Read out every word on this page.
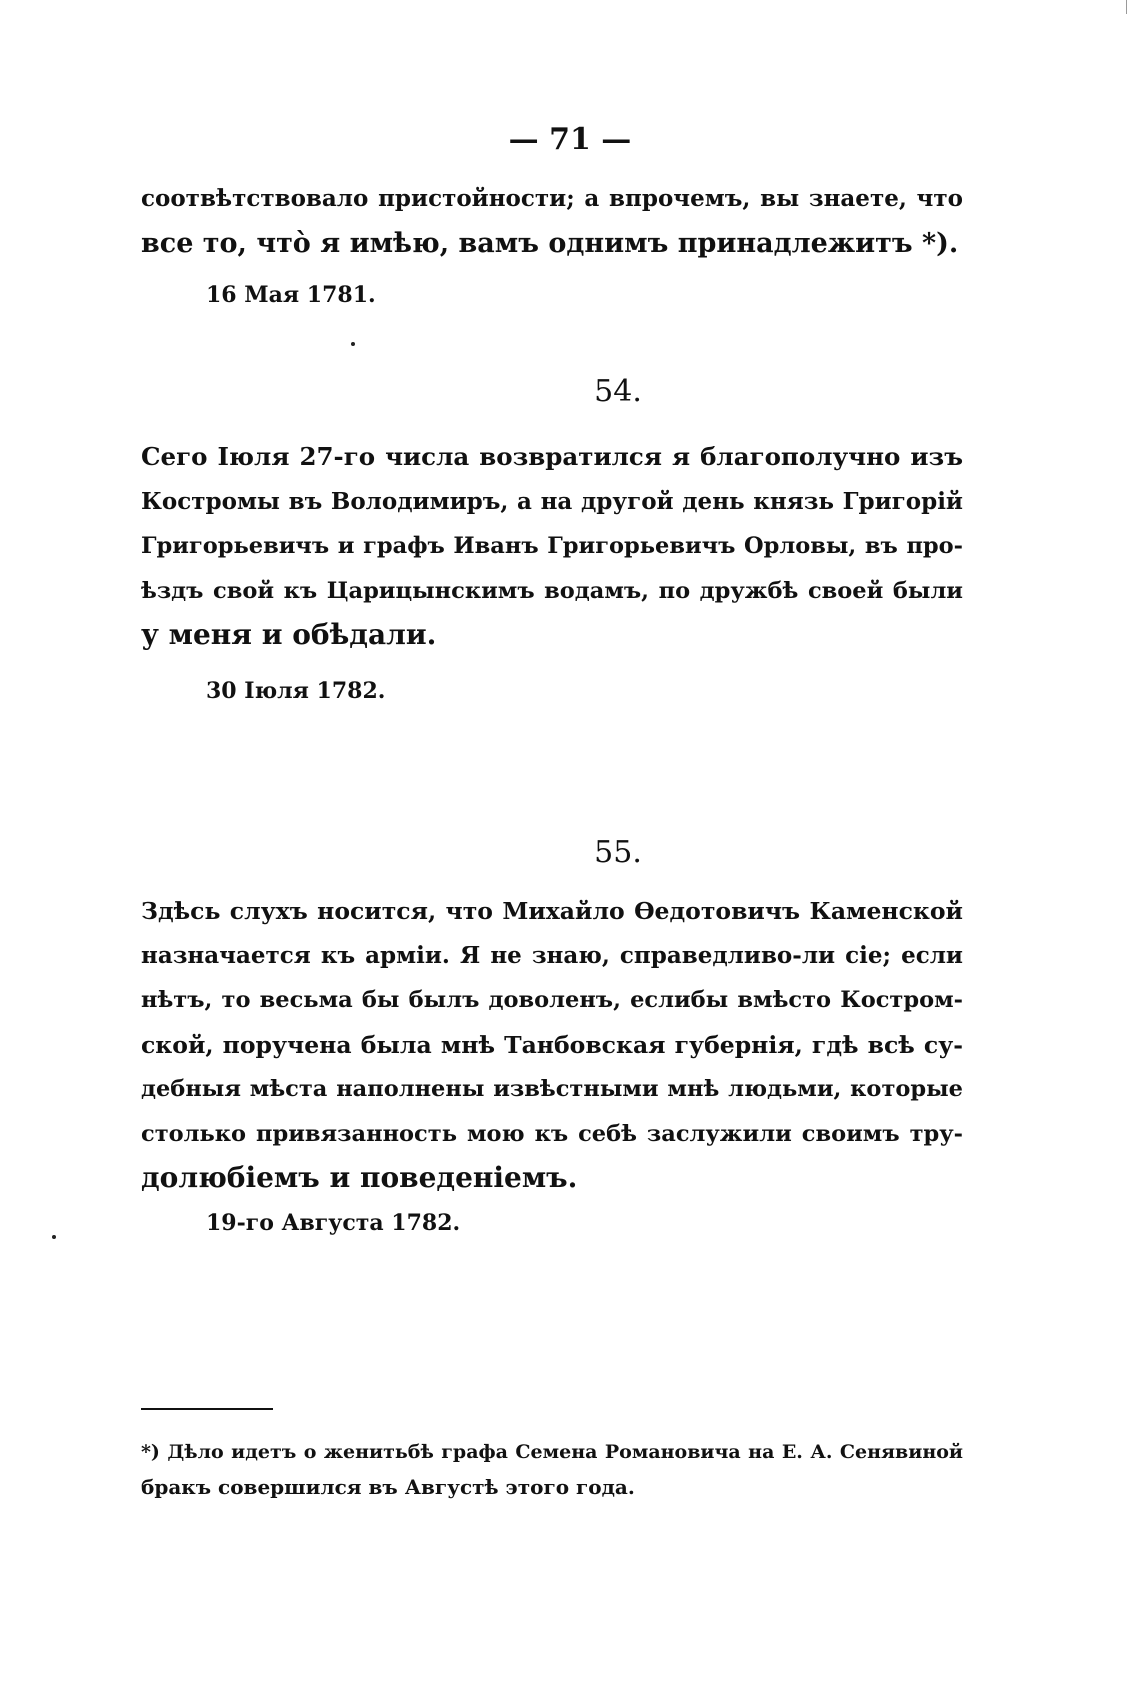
— 71 —
соотвѣтствовало пристойности; а впрочемъ, вы знаете, что
все то, что̀ я имѣю, вамъ однимъ принадлежитъ *).
16 Мая 1781.
54.
Сего Іюля 27-го числа возвратился я благополучно изъ
Костромы въ Володимиръ, а на другой день князь Григорій
Григорьевичъ и графъ Иванъ Григорьевичъ Орловы, въ про-
ѣздъ свой къ Царицынскимъ водамъ, по дружбѣ своей были
у меня и обѣдали.
30 Іюля 1782.
55.
Здѣсь слухъ носится, что Михайло Ѳедотовичъ Каменской
назначается къ арміи. Я не знаю, справедливо-ли сіе; если
нѣтъ, то весьма бы былъ доволенъ, еслибы вмѣсто Костром-
ской, поручена была мнѣ Танбовская губернія, гдѣ всѣ су-
дебныя мѣста наполнены извѣстными мнѣ людьми, которые
столько привязанность мою къ себѣ заслужили своимъ тру-
долюбіемъ и поведеніемъ.
19-го Августа 1782.
*) Дѣло идетъ о женитьбѣ графа Семена Романовича на Е. А. Сенявиной
бракъ совершился въ Августѣ этого года.
